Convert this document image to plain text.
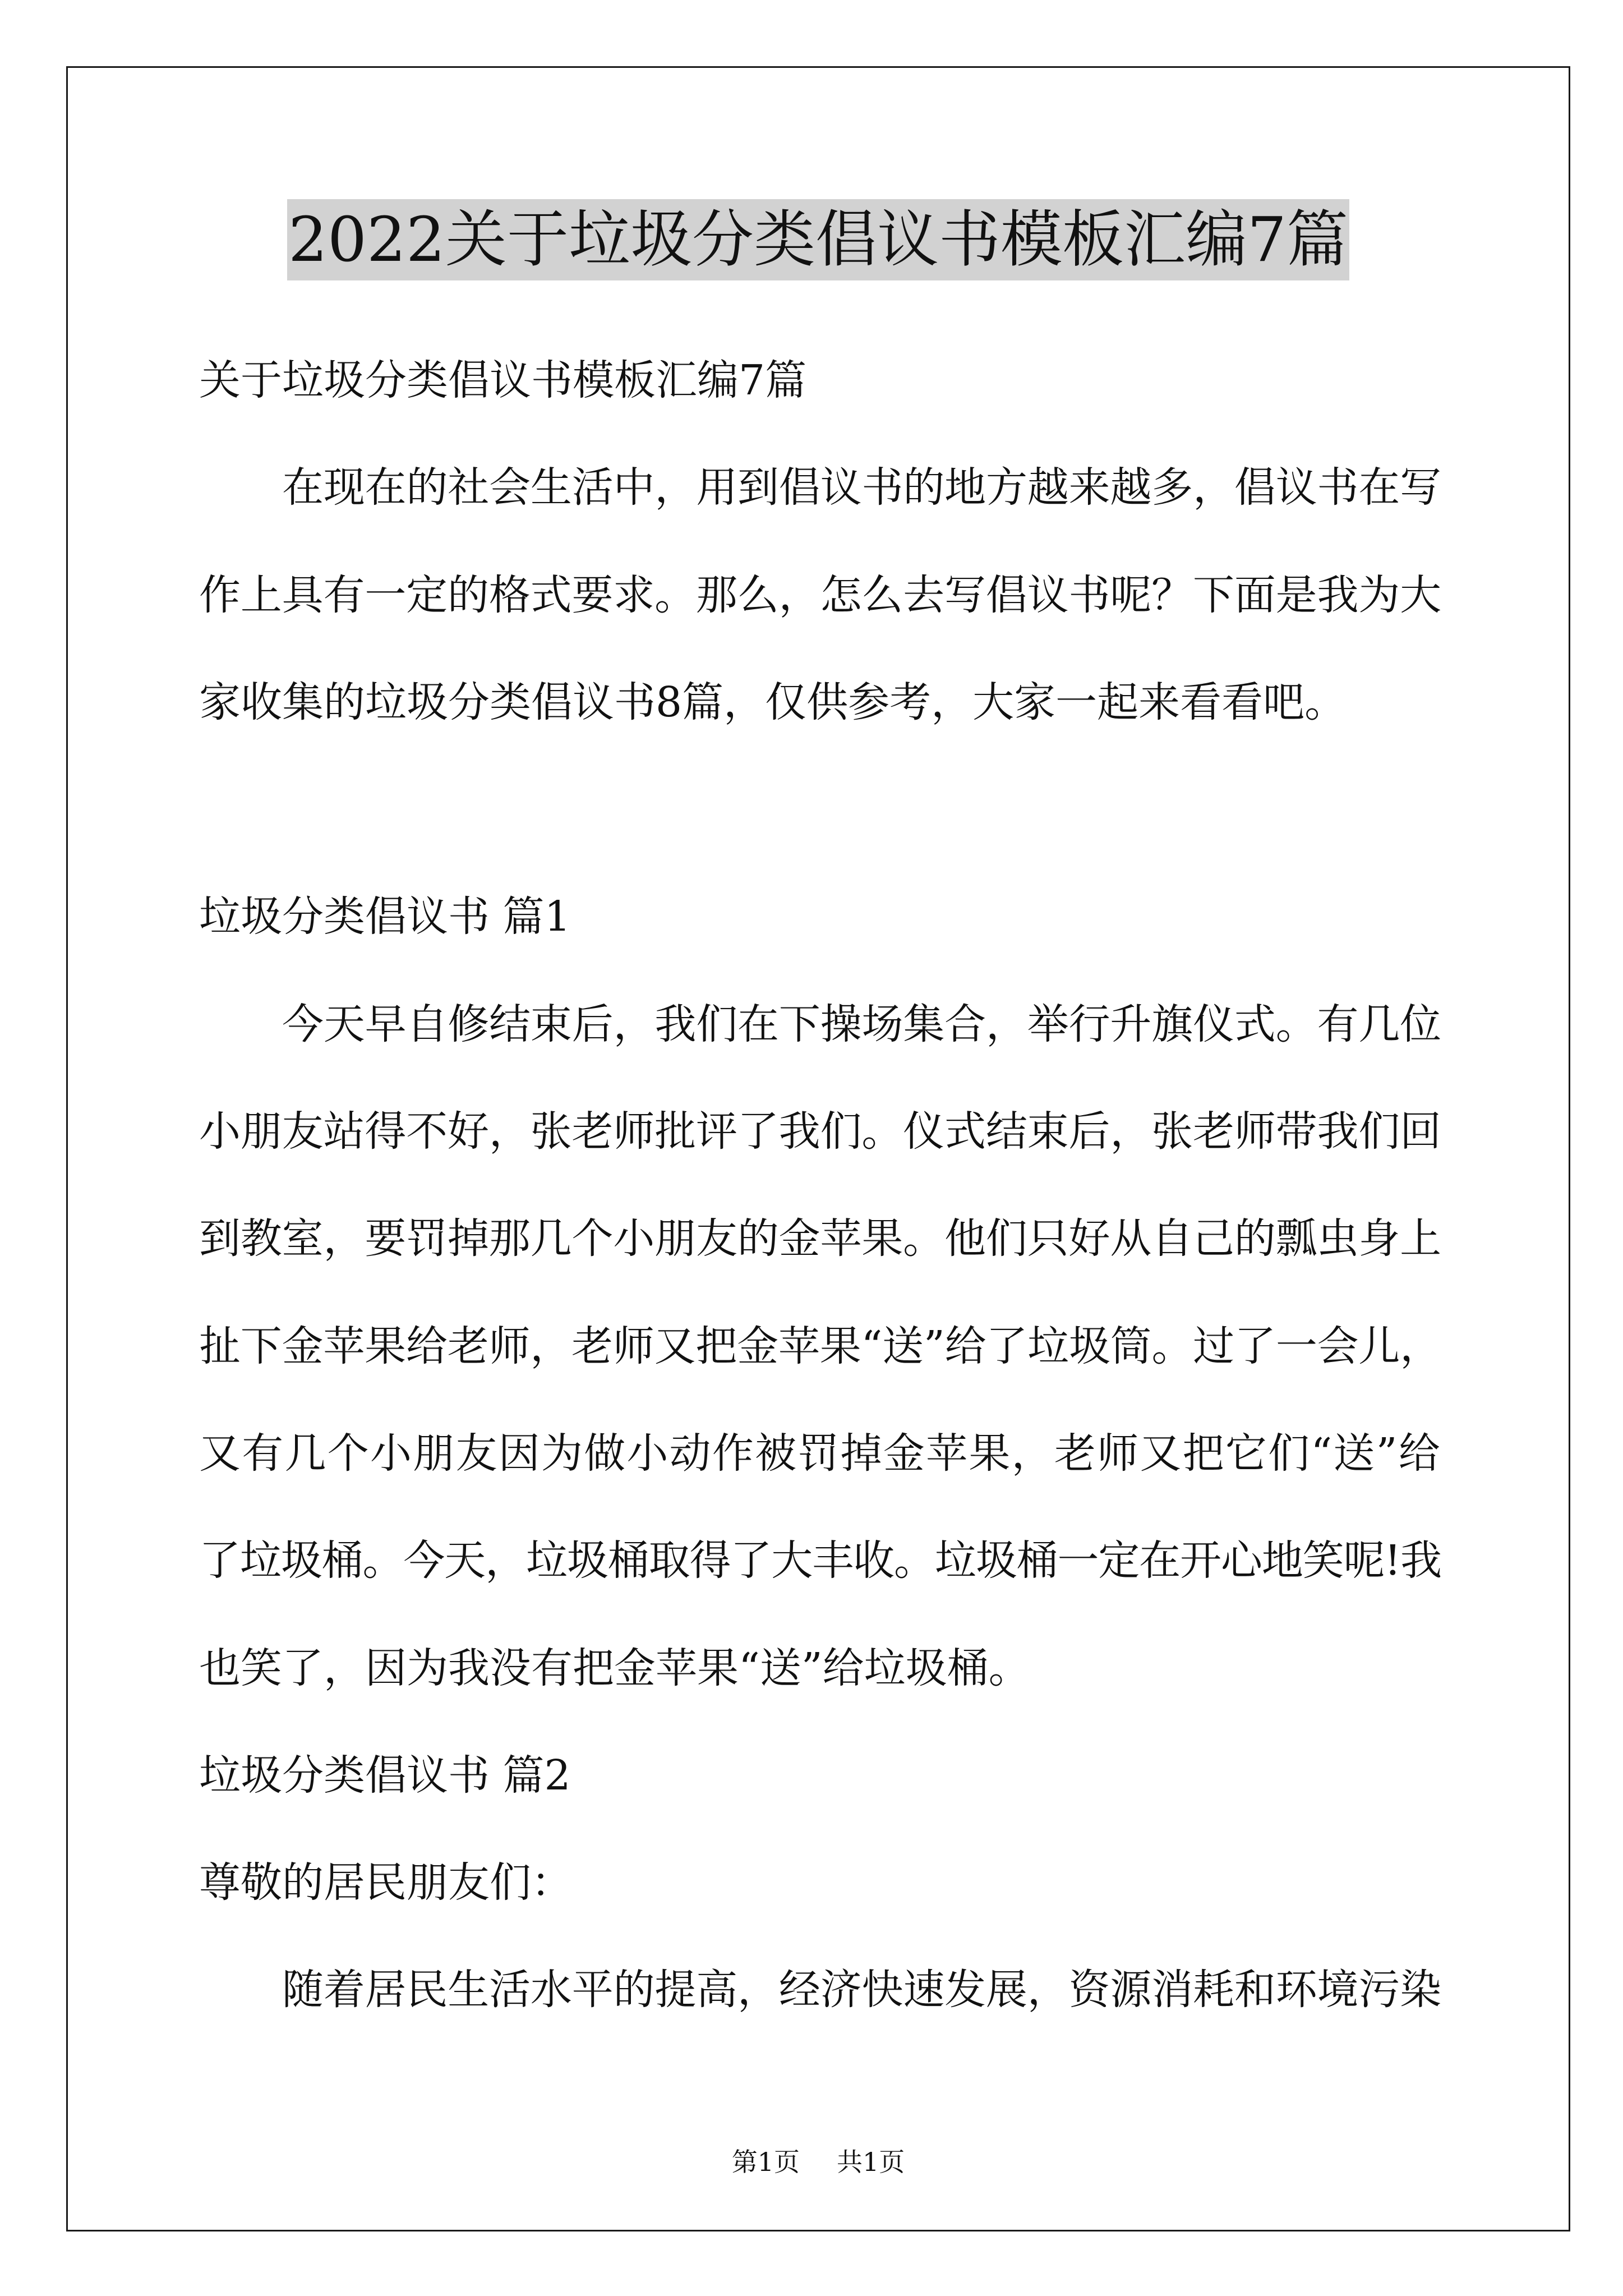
2022关于垃圾分类倡议书模板汇编7篇
关于垃圾分类倡议书模板汇编7篇
在现在的社会生活中，用到倡议书的地方越来越多，倡议书在写
作上具有一定的格式要求。那么，怎么去写倡议书呢？下面是我为大
家收集的垃圾分类倡议书8篇，仅供参考，大家一起来看看吧。
垃圾分类倡议书 篇1
今天早自修结束后，我们在下操场集合，举行升旗仪式。有几位
小朋友站得不好，张老师批评了我们。仪式结束后，张老师带我们回
到教室，要罚掉那几个小朋友的金苹果。他们只好从自己的瓢虫身上
扯下金苹果给老师，老师又把金苹果“送”给了垃圾筒。过了一会儿，
又有几个小朋友因为做小动作被罚掉金苹果，老师又把它们“送”给
了垃圾桶。今天，垃圾桶取得了大丰收。垃圾桶一定在开心地笑呢!我
也笑了，因为我没有把金苹果“送”给垃圾桶。
垃圾分类倡议书 篇2
尊敬的居民朋友们：
随着居民生活水平的提高，经济快速发展，资源消耗和环境污染
第1页 共1页
